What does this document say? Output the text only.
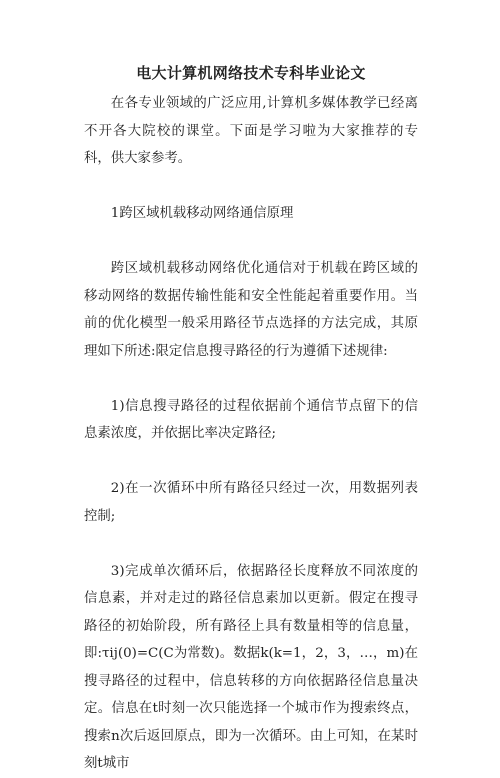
电大计算机网络技术专科毕业论文

在各专业领域的广泛应用,计算机多媒体教学已经离不开各大院校的课堂。下面是学习啦为大家推荐的专科，供大家参考。

1跨区域机载移动网络通信原理

跨区域机载移动网络优化通信对于机载在跨区域的移动网络的数据传输性能和安全性能起着重要作用。当前的优化模型一般采用路径节点选择的方法完成，其原理如下所述:限定信息搜寻路径的行为遵循下述规律:

1)信息搜寻路径的过程依据前个通信节点留下的信息素浓度，并依据比率决定路径;

2)在一次循环中所有路径只经过一次，用数据列表控制;

3)完成单次循环后，依据路径长度释放不同浓度的信息素，并对走过的路径信息素加以更新。假定在搜寻路径的初始阶段，所有路径上具有数量相等的信息量，即:τij(0)=C(C为常数)。数据k(k=1，2，3，…，m)在搜寻路径的过程中，信息转移的方向依据路径信息量决定。信息在t时刻一次只能选择一个城市作为搜索终点，搜索n次后返回原点，即为一次循环。由上可知，在某时刻t城市
